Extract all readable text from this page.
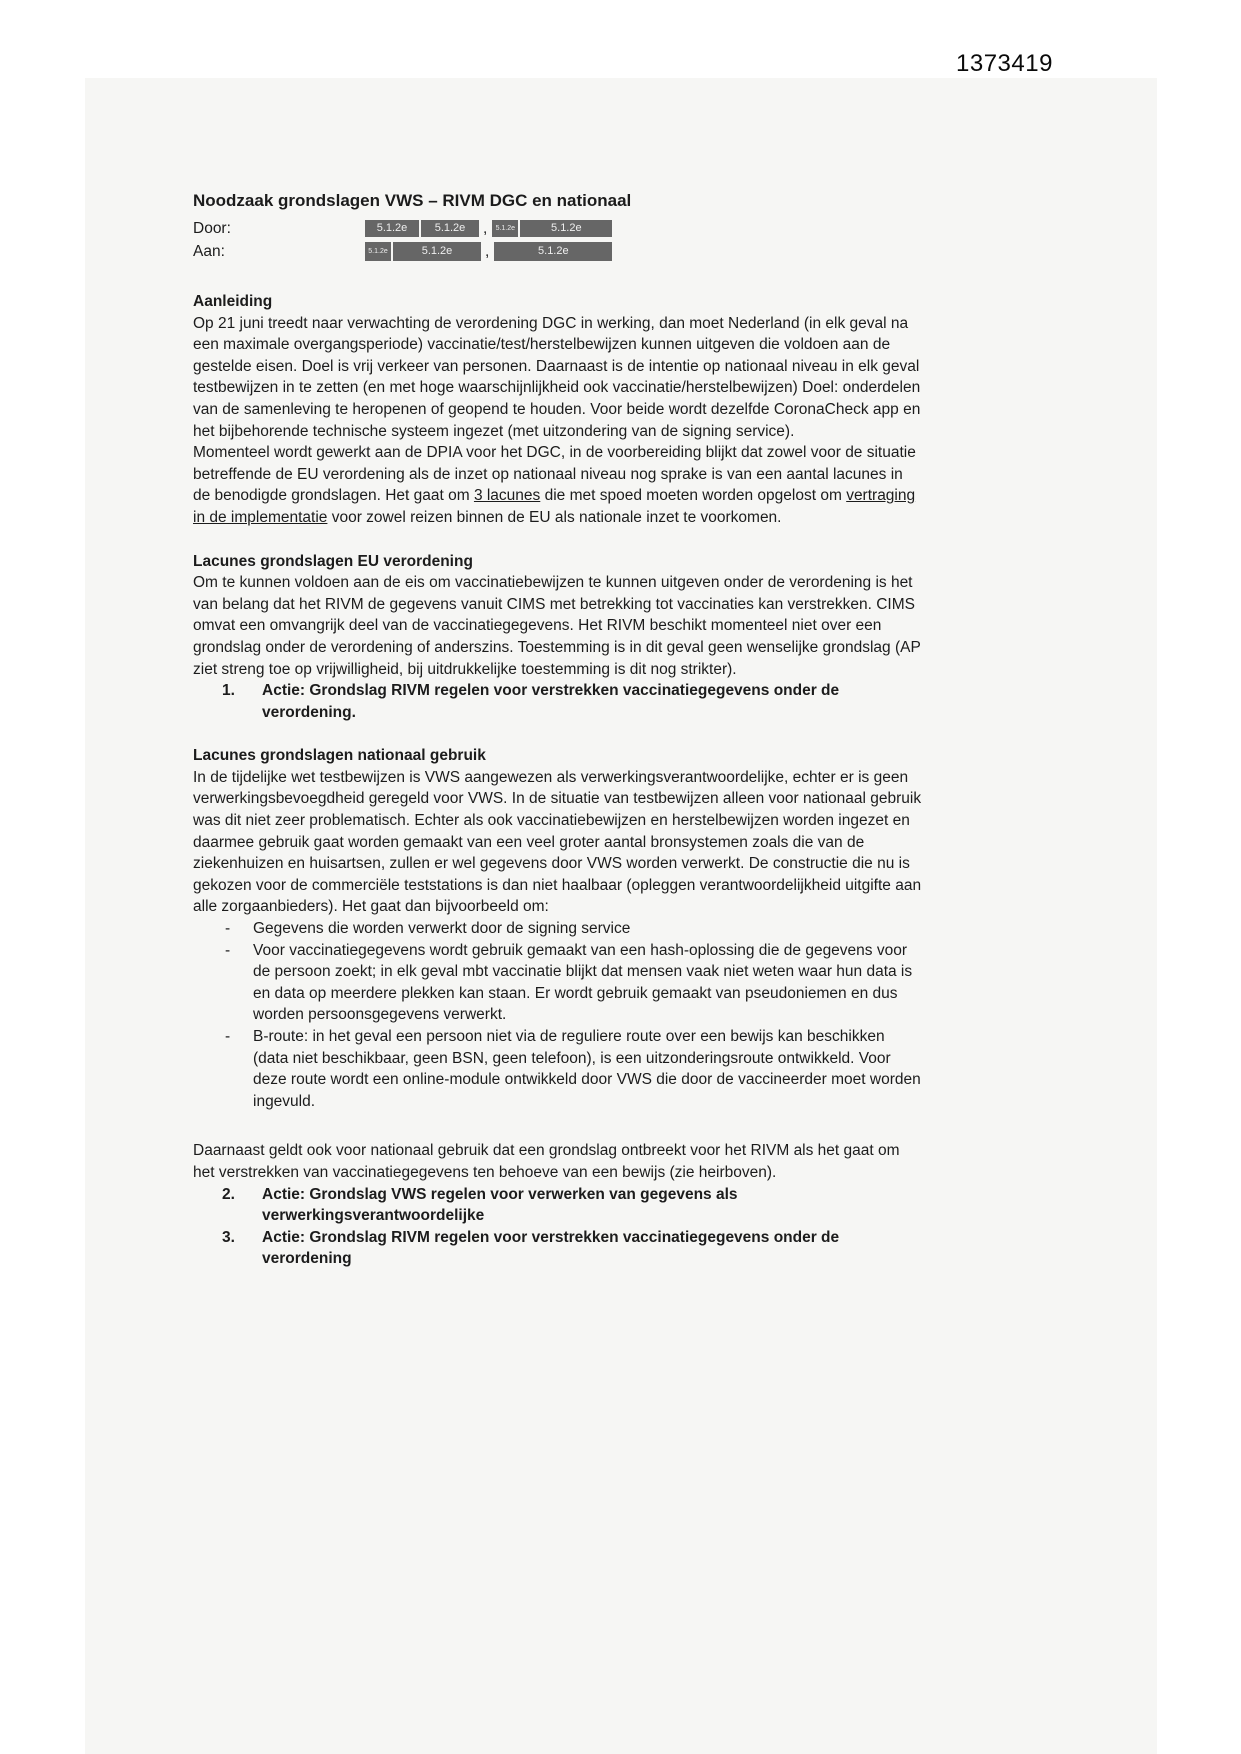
1373419
Noodzaak grondslagen VWS – RIVM DGC en nationaal
Door:	5.1.2e	5.1.2e	,	5.1.2e	5.1.2e
Aan:	5.1.2e	5.1.2e	,	5.1.2e
Aanleiding

Op 21 juni treedt naar verwachting de verordening DGC in werking, dan moet Nederland (in elk geval na een maximale overgangsperiode) vaccinatie/test/herstelbewijzen kunnen uitgeven die voldoen aan de gestelde eisen. Doel is vrij verkeer van personen. Daarnaast is de intentie op nationaal niveau in elk geval testbewijzen in te zetten (en met hoge waarschijnlijkheid ook vaccinatie/herstelbewijzen) Doel: onderdelen van de samenleving te heropenen of geopend te houden. Voor beide wordt dezelfde CoronaCheck app en het bijbehorende technische systeem ingezet (met uitzondering van de signing service).

Momenteel wordt gewerkt aan de DPIA voor het DGC, in de voorbereiding blijkt dat zowel voor de situatie betreffende de EU verordening als de inzet op nationaal niveau nog sprake is van een aantal lacunes in de benodigde grondslagen. Het gaat om 3 lacunes die met spoed moeten worden opgelost om vertraging in de implementatie voor zowel reizen binnen de EU als nationale inzet te voorkomen.

Lacunes grondslagen EU verordening

Om te kunnen voldoen aan de eis om vaccinatiebewijzen te kunnen uitgeven onder de verordening is het van belang dat het RIVM de gegevens vanuit CIMS met betrekking tot vaccinaties kan verstrekken. CIMS omvat een omvangrijk deel van de vaccinatiegegevens. Het RIVM beschikt momenteel niet over een grondslag onder de verordening of anderszins. Toestemming is in dit geval geen wenselijke grondslag (AP ziet streng toe op vrijwilligheid, bij uitdrukkelijke toestemming is dit nog strikter).

1.	Actie: Grondslag RIVM regelen voor verstrekken vaccinatiegegevens onder de verordening.
Lacunes grondslagen nationaal gebruik

In de tijdelijke wet testbewijzen is VWS aangewezen als verwerkingsverantwoordelijke, echter er is geen verwerkingsbevoegdheid geregeld voor VWS. In de situatie van testbewijzen alleen voor nationaal gebruik was dit niet zeer problematisch. Echter als ook vaccinatiebewijzen en herstelbewijzen worden ingezet en daarmee gebruik gaat worden gemaakt van een veel groter aantal bronsystemen zoals die van de ziekenhuizen en huisartsen, zullen er wel gegevens door VWS worden verwerkt. De constructie die nu is gekozen voor de commerciële teststations is dan niet haalbaar (opleggen verantwoordelijkheid uitgifte aan alle zorgaanbieders). Het gaat dan bijvoorbeeld om:

-	Gegevens die worden verwerkt door de signing service
-	Voor vaccinatiegegevens wordt gebruik gemaakt van een hash-oplossing die de gegevens voor de persoon zoekt; in elk geval mbt vaccinatie blijkt dat mensen vaak niet weten waar hun data is en data op meerdere plekken kan staan. Er wordt gebruik gemaakt van pseudoniemen en dus worden persoonsgegevens verwerkt.
-	B-route: in het geval een persoon niet via de reguliere route over een bewijs kan beschikken (data niet beschikbaar, geen BSN, geen telefoon), is een uitzonderingsroute ontwikkeld. Voor deze route wordt een online-module ontwikkeld door VWS die door de vaccineerder moet worden ingevuld.

Daarnaast geldt ook voor nationaal gebruik dat een grondslag ontbreekt voor het RIVM als het gaat om het verstrekken van vaccinatiegegevens ten behoeve van een bewijs (zie heirboven).

2.	Actie: Grondslag VWS regelen voor verwerken van gegevens als verwerkingsverantwoordelijke
3.	Actie: Grondslag RIVM regelen voor verstrekken vaccinatiegegevens onder de verordening
